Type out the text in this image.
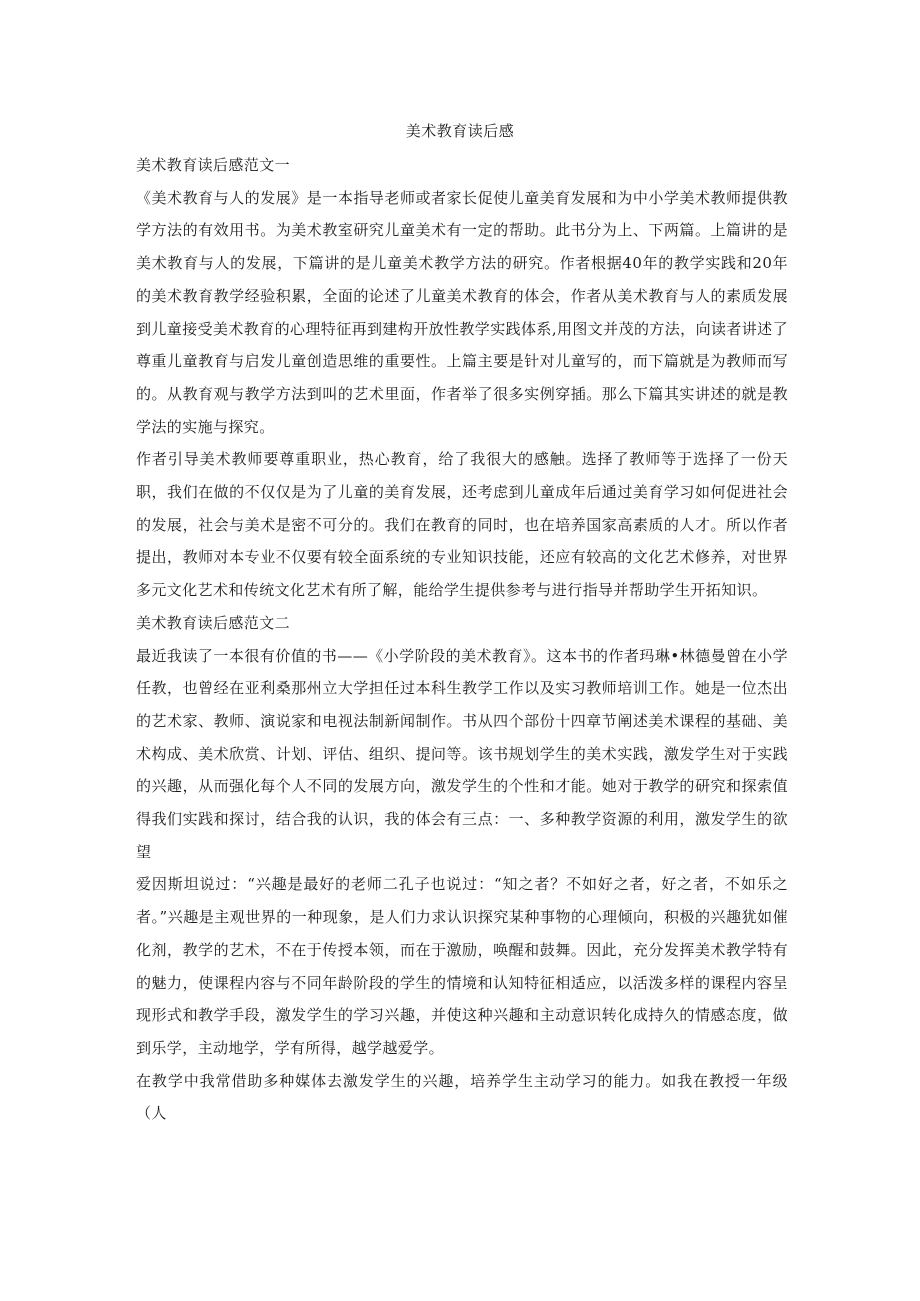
美术教育读后感

美术教育读后感范文一

《美术教育与人的发展》是一本指导老师或者家长促使儿童美育发展和为中小学美术教师提供教学方法的有效用书。为美术教室研究儿童美术有一定的帮助。此书分为上、下两篇。上篇讲的是美术教育与人的发展，下篇讲的是儿童美术教学方法的研究。作者根据40年的教学实践和20年的美术教育教学经验积累，全面的论述了儿童美术教育的体会，作者从美术教育与人的素质发展到儿童接受美术教育的心理特征再到建构开放性教学实践体系,用图文并茂的方法，向读者讲述了尊重儿童教育与启发儿童创造思维的重要性。上篇主要是针对儿童写的，而下篇就是为教师而写的。从教育观与教学方法到叫的艺术里面，作者举了很多实例穿插。那么下篇其实讲述的就是教学法的实施与探究。

作者引导美术教师要尊重职业，热心教育，给了我很大的感触。选择了教师等于选择了一份天职，我们在做的不仅仅是为了儿童的美育发展，还考虑到儿童成年后通过美育学习如何促进社会的发展，社会与美术是密不可分的。我们在教育的同时，也在培养国家高素质的人才。所以作者提出，教师对本专业不仅要有较全面系统的专业知识技能，还应有较高的文化艺术修养，对世界多元文化艺术和传统文化艺术有所了解，能给学生提供参考与进行指导并帮助学生开拓知识。

美术教育读后感范文二

最近我读了一本很有价值的书——《小学阶段的美术教育》。这本书的作者玛琳•林德曼曾在小学任教，也曾经在亚利桑那州立大学担任过本科生教学工作以及实习教师培训工作。她是一位杰出的艺术家、教师、演说家和电视法制新闻制作。书从四个部份十四章节阐述美术课程的基础、美术构成、美术欣赏、计划、评估、组织、提问等。该书规划学生的美术实践，激发学生对于实践的兴趣，从而强化每个人不同的发展方向，激发学生的个性和才能。她对于教学的研究和探索值得我们实践和探讨，结合我的认识，我的体会有三点：一、多种教学资源的利用，激发学生的欲望

爱因斯坦说过：“兴趣是最好的老师二孔子也说过：“知之者？不如好之者，好之者，不如乐之者。”兴趣是主观世界的一种现象，是人们力求认识探究某种事物的心理倾向，积极的兴趣犹如催化剂，教学的艺术，不在于传授本领，而在于激励，唤醒和鼓舞。因此，充分发挥美术教学特有的魅力，使课程内容与不同年龄阶段的学生的情境和认知特征相适应，以活泼多样的课程内容呈现形式和教学手段，激发学生的学习兴趣，并使这种兴趣和主动意识转化成持久的情感态度，做到乐学，主动地学，学有所得，越学越爱学。

在教学中我常借助多种媒体去激发学生的兴趣，培养学生主动学习的能力。如我在教授一年级（人
